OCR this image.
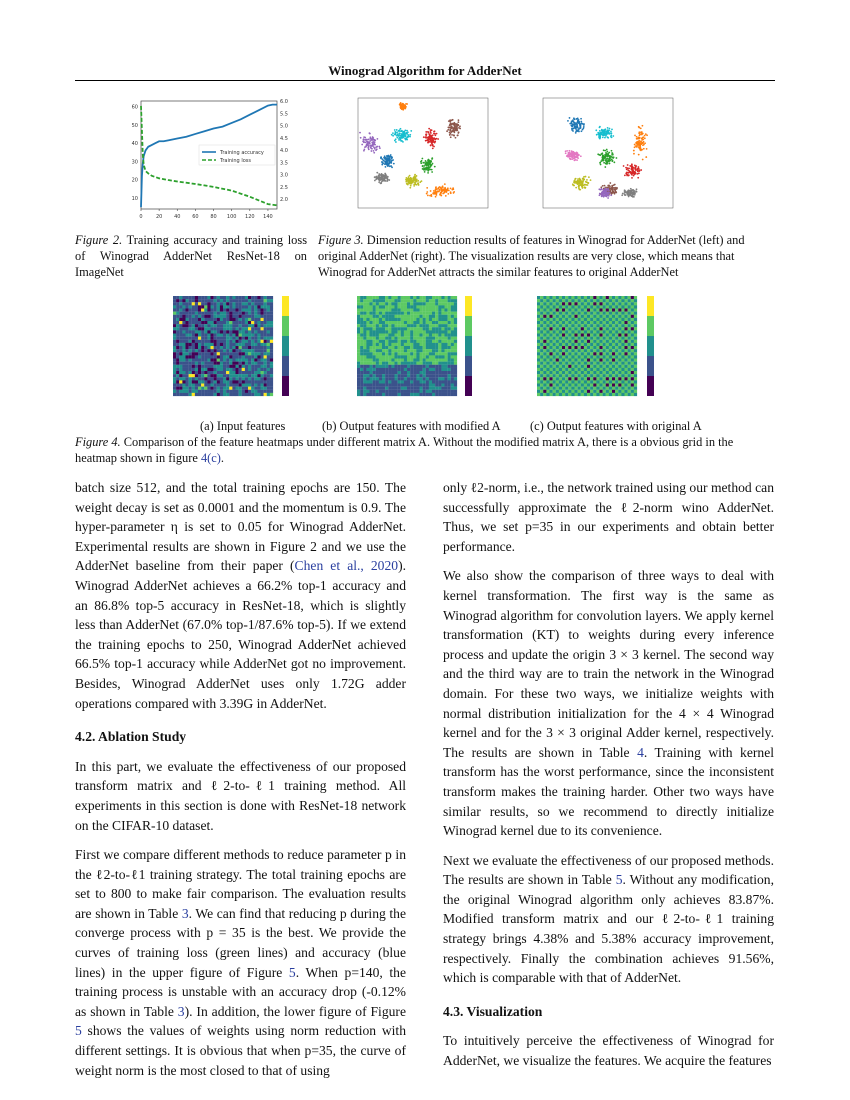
Winograd Algorithm for AdderNet
0	20 40 60 80 100 120 140
10
20
30
40
50
60
2.0
2.5
3.0
3.5
4.0
4.5
5.0
5.5
6.0
Training accuracy
Training loss
Figure 2. Training accuracy and training loss of Winograd AdderNet ResNet-18 on ImageNet
Figure 3. Dimension reduction results of features in Winograd for AdderNet (left) and original AdderNet (right). The visualization results are very close, which means that Winograd for AdderNet attracts the similar features to original AdderNet
(a) Input features	(b) Output features with modified A (c) Output features with original A
Figure 4. Comparison of the feature heatmaps under different matrix A. Without the modified matrix A, there is a obvious grid in the heatmap shown in figure 4(c).

batch size 512, and the total training epochs are 150. The weight decay is set as 0.0001 and the momentum is 0.9. The hyper-parameter η is set to 0.05 for Winograd AdderNet. Experimental results are shown in Figure 2 and we use the AdderNet baseline from their paper (Chen et al., 2020). Winograd AdderNet achieves a 66.2% top-1 accuracy and an 86.8% top-5 accuracy in ResNet-18, which is slightly less than AdderNet (67.0% top-1/87.6% top-5). If we extend the training epochs to 250, Winograd AdderNet achieved 66.5% top-1 accuracy while AdderNet got no improvement. Besides, Winograd AdderNet uses only 1.72G adder operations compared with 3.39G in AdderNet.

4.2. Ablation Study

In this part, we evaluate the effectiveness of our proposed transform matrix and ℓ2-to-ℓ1 training method. All experiments in this section is done with ResNet-18 network on the CIFAR-10 dataset.

First we compare different methods to reduce parameter p in the ℓ2-to-ℓ1 training strategy. The total training epochs are set to 800 to make fair comparison. The evaluation results are shown in Table 3. We can find that reducing p during the converge process with p = 35 is the best. We provide the curves of training loss (green lines) and accuracy (blue lines) in the upper figure of Figure 5. When p=140, the training process is unstable with an accuracy drop (-0.12% as shown in Table 3). In addition, the lower figure of Figure 5 shows the values of weights using norm reduction with different settings. It is obvious that when p=35, the curve of weight norm is the most closed to that of using

only ℓ2-norm, i.e., the network trained using our method can successfully approximate the ℓ2-norm wino AdderNet. Thus, we set p=35 in our experiments and obtain better performance.

We also show the comparison of three ways to deal with kernel transformation. The first way is the same as Winograd algorithm for convolution layers. We apply kernel transformation (KT) to weights during every inference process and update the origin 3 × 3 kernel. The second way and the third way are to train the network in the Winograd domain. For these two ways, we initialize weights with normal distribution initialization for the 4 × 4 Winograd kernel and for the 3 × 3 original Adder kernel, respectively. The results are shown in Table 4. Training with kernel transform has the worst performance, since the inconsistent transform makes the training harder. Other two ways have similar results, so we recommend to directly initialize Winograd kernel due to its convenience.

Next we evaluate the effectiveness of our proposed methods. The results are shown in Table 5. Without any modification, the original Winograd algorithm only achieves 83.87%. Modified transform matrix and our ℓ2-to-ℓ1 training strategy brings 4.38% and 5.38% accuracy improvement, respectively. Finally the combination achieves 91.56%, which is comparable with that of AdderNet.

4.3. Visualization

To intuitively perceive the effectiveness of Winograd for AdderNet, we visualize the features. We acquire the features
